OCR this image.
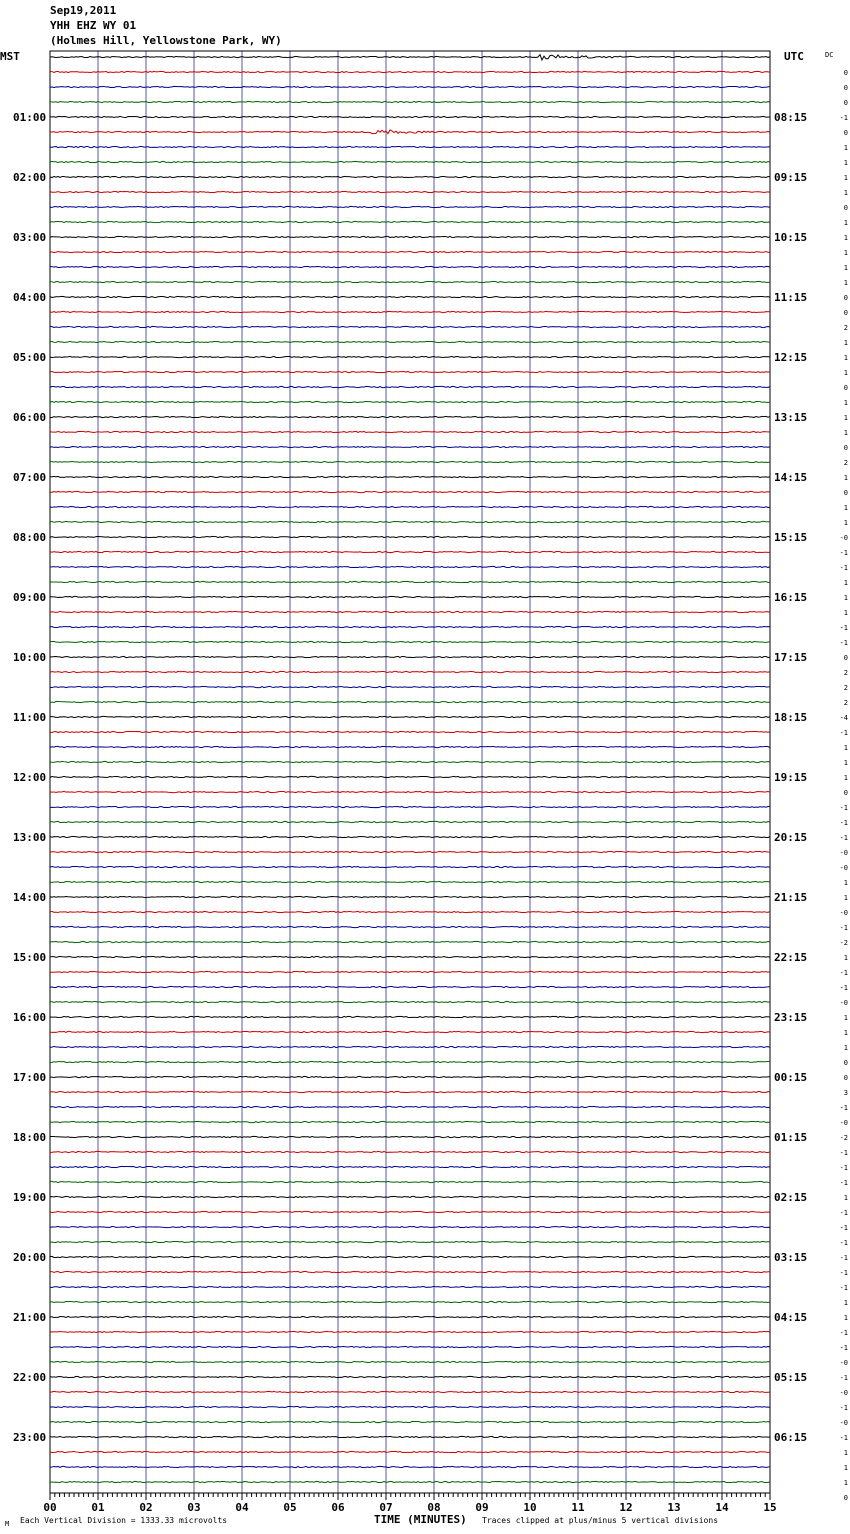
Sep19,2011
YHH EHZ WY 01
(Holmes Hill, Yellowstone Park, WY)
MST	UTC	DC
01:00
02:00
03:00
04:00
05:00
06:00
07:00
08:00
09:00
10:00
11:00
12:00
13:00
14:00
15:00
16:00
17:00
18:00
19:00
20:00
21:00
22:00
23:00
08:15
09:15
10:15
11:15
12:15
13:15
14:15
15:15
16:15
17:15
18:15
19:15
20:15
21:15
22:15
23:15
00:15
01:15
02:15
03:15
04:15
05:15
06:15
0
0
0
-1
0
1
1
1
1
0
1
1
1
1
1
0
0
2
1
1
1
0
1
1
1
0
2
1
0
1
1
-0
-1
-1
1
1
1
-1
-1
0
2
2
2
-4
-1
1
1
1
0
-1
-1
-1
-0
-0
1
1
-0
-1
-2
1
-1
-1
-0
1
1
1
0
0
3
-1
-0
-2
-1
-1
-1
1
-1
-1
-1
-1
-1
-1
1
1
-1
-1
-0
-1
-0
-1
-0
-1
1
1
1
0
00	01	02	03	04	05	06	07	08	09	10	11	12	13	14	15
M Each Vertical Division = 1333.33 microvolts	TIME (MINUTES) Traces clipped at plus/minus 5 vertical divisions
